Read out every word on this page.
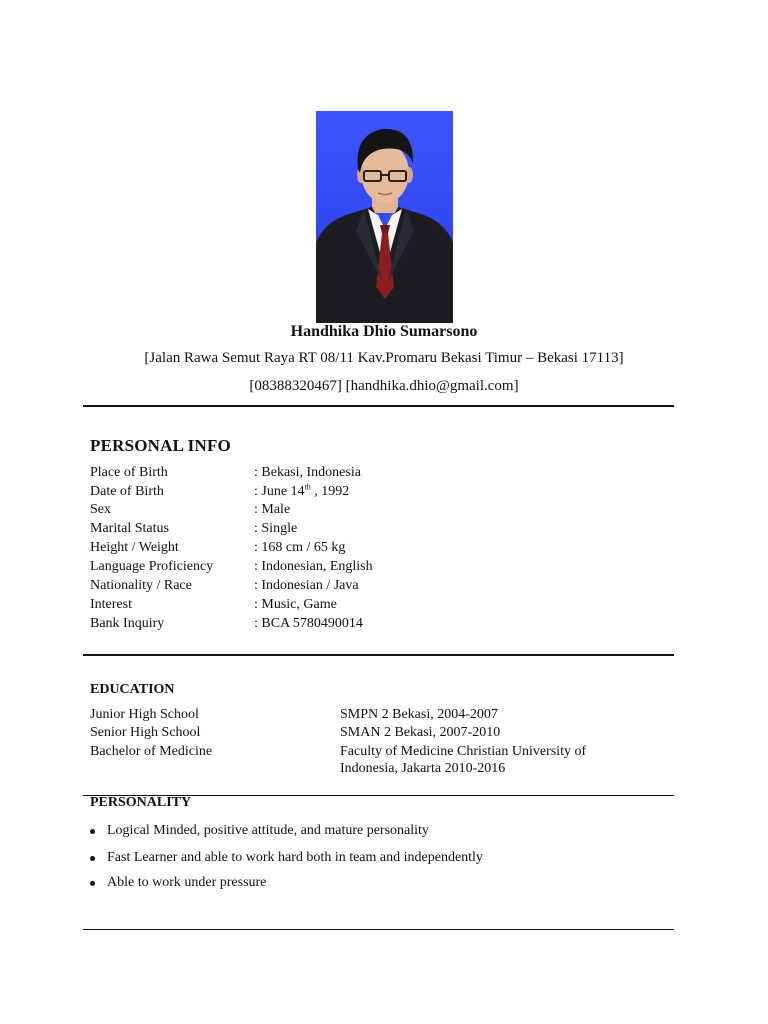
Handhika Dhio Sumarsono
[Jalan Rawa Semut Raya RT 08/11 Kav.Promaru Bekasi Timur – Bekasi 17113]
[08388320467] [handhika.dhio@gmail.com]
PERSONAL INFO
Place of Birth	: Bekasi, Indonesia
Date of Birth	: June 14th , 1992
Sex	: Male
Marital Status	: Single
Height / Weight	: 168 cm / 65 kg
Language Proficiency	: Indonesian, English
Nationality / Race	: Indonesian / Java
Interest	: Music, Game
Bank Inquiry	: BCA 5780490014
EDUCATION
Junior High School	SMPN 2 Bekasi, 2004-2007
Senior High School	SMAN 2 Bekasi, 2007-2010
Bachelor of Medicine	Faculty of Medicine Christian University of Indonesia, Jakarta 2010-2016
PERSONALITY
Logical Minded, positive attitude, and mature personality
Fast Learner and able to work hard both in team and independently
Able to work under pressure
